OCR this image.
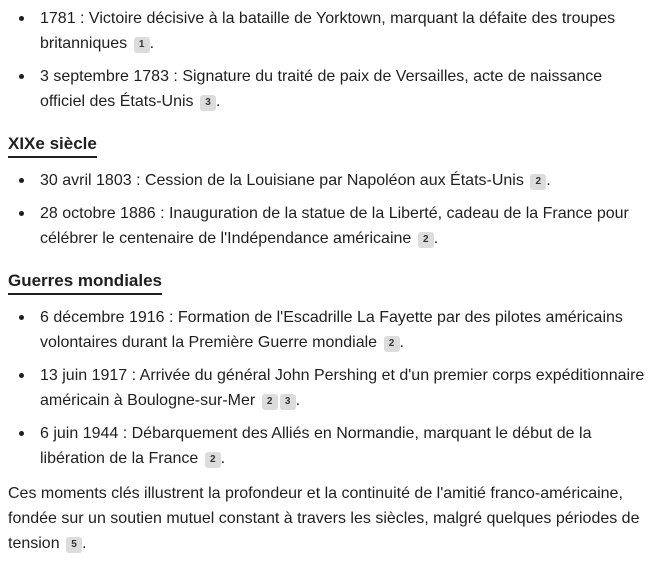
1781 : Victoire décisive à la bataille de Yorktown, marquant la défaite des troupes britanniques 1 .
3 septembre 1783 : Signature du traité de paix de Versailles, acte de naissance officiel des États-Unis 3 .
XIXe siècle
30 avril 1803 : Cession de la Louisiane par Napoléon aux États-Unis 2 .
28 octobre 1886 : Inauguration de la statue de la Liberté, cadeau de la France pour célébrer le centenaire de l'Indépendance américaine 2 .
Guerres mondiales
6 décembre 1916 : Formation de l'Escadrille La Fayette par des pilotes américains volontaires durant la Première Guerre mondiale 2 .
13 juin 1917 : Arrivée du général John Pershing et d'un premier corps expéditionnaire américain à Boulogne-sur-Mer 2 3 .
6 juin 1944 : Débarquement des Alliés en Normandie, marquant le début de la libération de la France 2 .

Ces moments clés illustrent la profondeur et la continuité de l'amitié franco-américaine, fondée sur un soutien mutuel constant à travers les siècles, malgré quelques périodes de tension 5 .
